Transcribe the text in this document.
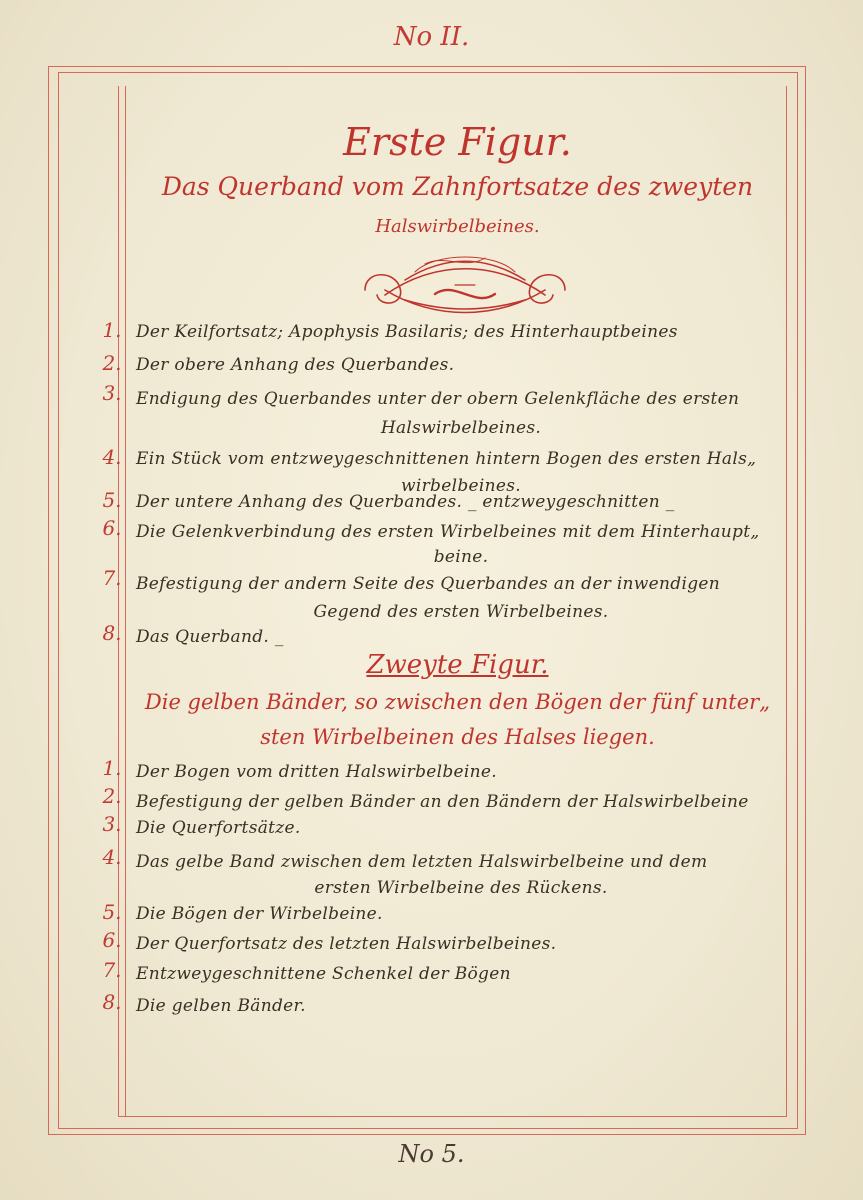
No II.
Erste Figur.
Das Querband vom Zahnfortsatze des zweyten
Halswirbelbeines.
1. Der Keilfortsatz; Apophysis Basilaris; des Hinterhauptbeines
2. Der obere Anhang des Querbandes.
3. Endigung des Querbandes unter der obern Gelenkfläche des ersten
Halswirbelbeines.
4. Ein Stück vom entzweygeschnittenen hintern Bogen des ersten Hals„
wirbelbeines.
5. Der untere Anhang des Querbandes. _ entzweygeschnitten _
6. Die Gelenkverbindung des ersten Wirbelbeines mit dem Hinterhaupt„
beine.
7. Befestigung der andern Seite des Querbandes an der inwendigen
Gegend des ersten Wirbelbeines.
8. Das Querband. _
Zweyte Figur.
Die gelben Bänder, so zwischen den Bögen der fünf unter„
sten Wirbelbeinen des Halses liegen.
1. Der Bogen vom dritten Halswirbelbeine.
2. Befestigung der gelben Bänder an den Bändern der Halswirbelbeine
3. Die Querfortsätze.
4. Das gelbe Band zwischen dem letzten Halswirbelbeine und dem
ersten Wirbelbeine des Rückens.
5. Die Bögen der Wirbelbeine.
6. Der Querfortsatz des letzten Halswirbelbeines.
7. Entzweygeschnittene Schenkel der Bögen
8. Die gelben Bänder.
No 5.
